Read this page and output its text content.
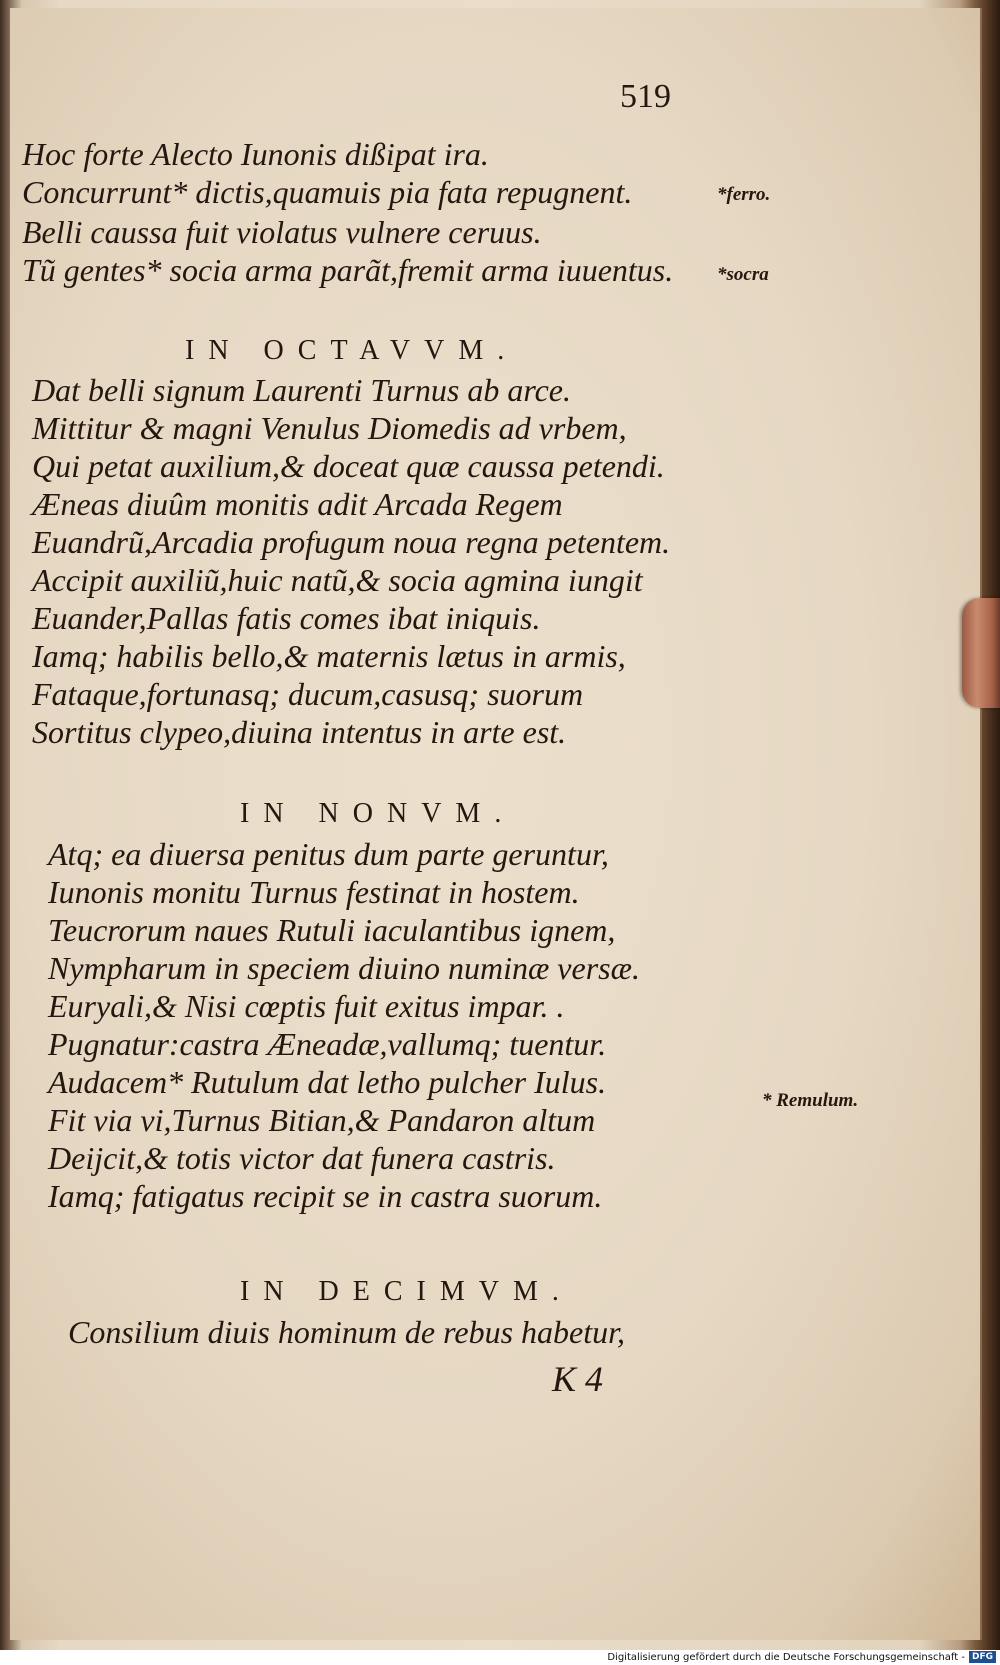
519
Hoc forte Alecto Iunonis dißipat ira.
Concurrunt* dictis,quamuis pia fata repugnent.
Belli caussa fuit violatus vulnere ceruus.
Tũ gentes* socia arma parãt,fremit arma iuuentus.
*ferro.
*socra
IN OCTAVVM.
Dat belli signum Laurenti Turnus ab arce.
Mittitur & magni Venulus Diomedis ad vrbem,
Qui petat auxilium,& doceat quæ caussa petendi.
Æneas diuûm monitis adit Arcada Regem
Euandrũ,Arcadia profugum noua regna petentem.
Accipit auxiliũ,huic natũ,& socia agmina iungit
Euander,Pallas fatis comes ibat iniquis.
Iamq; habilis bello,& maternis lætus in armis,
Fataque,fortunasq; ducum,casusq; suorum
Sortitus clypeo,diuina intentus in arte est.
IN NONVM.
Atq; ea diuersa penitus dum parte geruntur,
Iunonis monitu Turnus festinat in hostem.
Teucrorum naues Rutuli iaculantibus ignem,
Nympharum in speciem diuino numinæ versæ.
Euryali,& Nisi cœptis fuit exitus impar. .
Pugnatur:castra Æneadæ,vallumq; tuentur.
Audacem* Rutulum dat letho pulcher Iulus.
Fit via vi,Turnus Bitian,& Pandaron altum
Deijcit,& totis victor dat funera castris.
Iamq; fatigatus recipit se in castra suorum.
* Remulum.
IN DECIMVM.
Consilium diuis hominum de rebus habetur,
K 4
Digitalisierung gefördert durch die Deutsche Forschungsgemeinschaft - DFG
